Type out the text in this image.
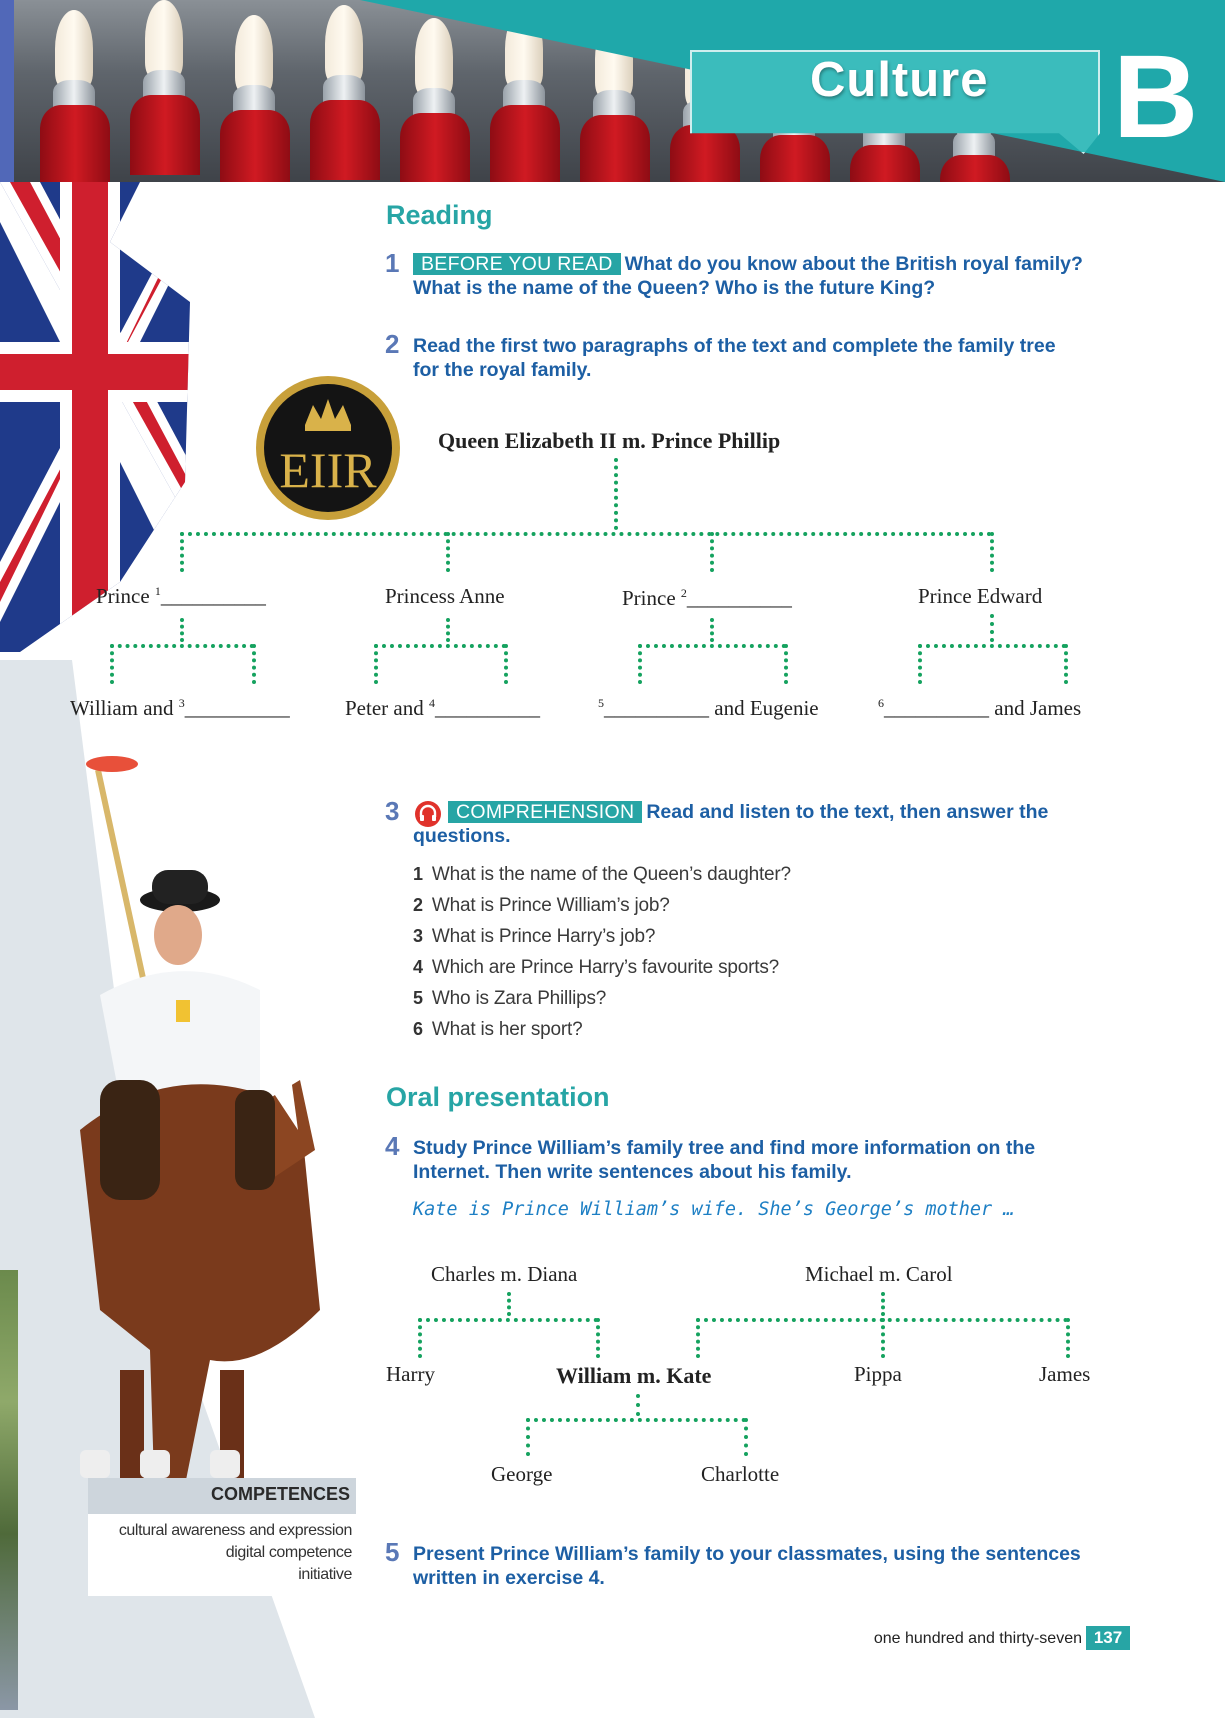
Culture B
Reading
1	BEFORE YOU READ What do you know about the British royal family?
What is the name of the Queen? Who is the future King?
2 Read the first two paragraphs of the text and complete the family tree
for the royal family.
EIIR
Queen Elizabeth II m. Prince Phillip
Prince $^1$__________	Princess Anne	Prince $^2$__________	Prince Edward
William and $^3$__________	Peter and $^4$__________	$^5$__________ and Eugenie	$^6$__________ and James
3	COMPREHENSION Read and listen to the text, then answer the
questions.
1 What is the name of the Queen’s daughter?
2 What is Prince William’s job?
3 What is Prince Harry’s job?
4 Which are Prince Harry’s favourite sports?
5 Who is Zara Phillips?
6 What is her sport?
Oral presentation
4 Study Prince William’s family tree and find more information on the
Internet. Then write sentences about his family.
Kate is Prince William’s wife. She’s George’s mother …
Charles m. Diana	Michael m. Carol
Harry	William m. Kate	Pippa	James
George	Charlotte
5 Present Prince William’s family to your classmates, using the sentences
written in exercise 4.
COMPETENCES
cultural awareness and expression
digital competence
initiative
one hundred and thirty-seven 137
